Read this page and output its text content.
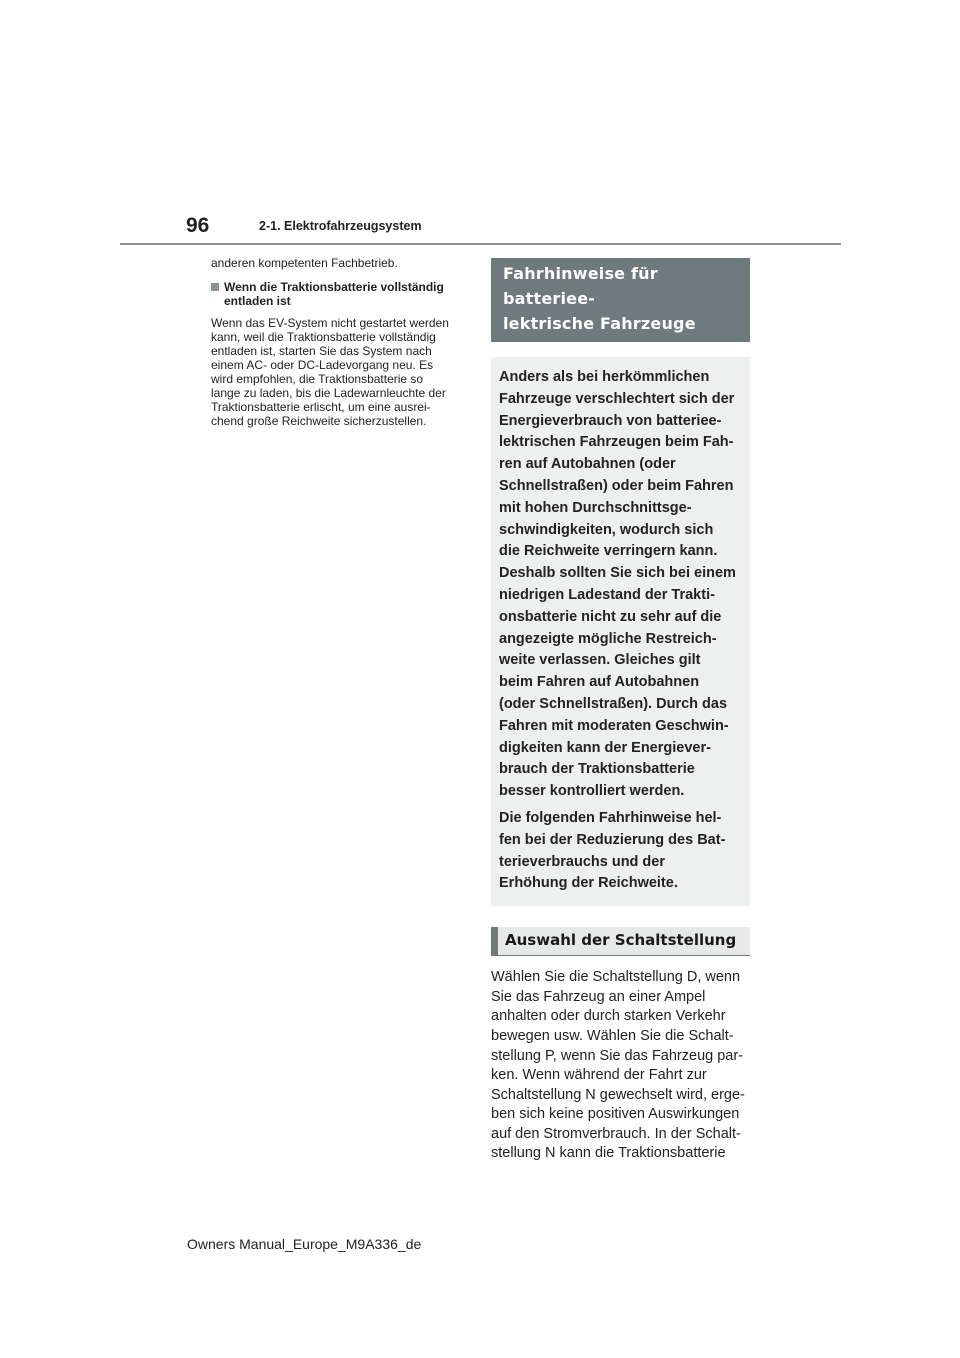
96	2-1. Elektrofahrzeugsystem

anderen kompetenten Fachbetrieb.

Wenn die Traktionsbatterie vollständig
entladen ist

Wenn das EV-System nicht gestartet werden
kann, weil die Traktionsbatterie vollständig
entladen ist, starten Sie das System nach
einem AC- oder DC-Ladevorgang neu. Es
wird empfohlen, die Traktionsbatterie so
lange zu laden, bis die Ladewarnleuchte der
Traktionsbatterie erlischt, um eine ausrei-
chend große Reichweite sicherzustellen.

Fahrhinweise für batteriee-
lektrische Fahrzeuge

Anders als bei herkömmlichen
Fahrzeuge verschlechtert sich der
Energieverbrauch von batteriee-
lektrischen Fahrzeugen beim Fah-
ren auf Autobahnen (oder
Schnellstraßen) oder beim Fahren
mit hohen Durchschnittsge-
schwindigkeiten, wodurch sich
die Reichweite verringern kann.
Deshalb sollten Sie sich bei einem
niedrigen Ladestand der Trakti-
onsbatterie nicht zu sehr auf die
angezeigte mögliche Restreich-
weite verlassen. Gleiches gilt
beim Fahren auf Autobahnen
(oder Schnellstraßen). Durch das
Fahren mit moderaten Geschwin-
digkeiten kann der Energiever-
brauch der Traktionsbatterie
besser kontrolliert werden.

Die folgenden Fahrhinweise hel-
fen bei der Reduzierung des Bat-
terieverbrauchs und der
Erhöhung der Reichweite.

Auswahl der Schaltstellung

Wählen Sie die Schaltstellung D, wenn
Sie das Fahrzeug an einer Ampel
anhalten oder durch starken Verkehr
bewegen usw. Wählen Sie die Schalt-
stellung P, wenn Sie das Fahrzeug par-
ken. Wenn während der Fahrt zur
Schaltstellung N gewechselt wird, erge-
ben sich keine positiven Auswirkungen
auf den Stromverbrauch. In der Schalt-
stellung N kann die Traktionsbatterie

Owners Manual_Europe_M9A336_de
